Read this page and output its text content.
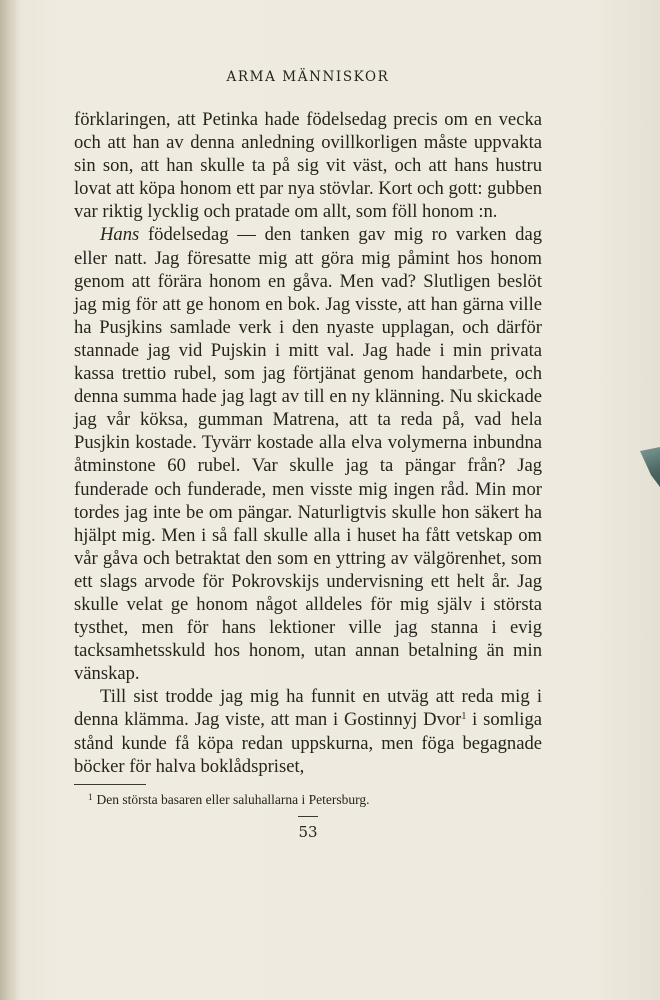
ARMA MÄNNISKOR

förklaringen, att Petinka hade födelsedag precis om en vecka och att han av denna anledning ovillkorligen måste uppvakta sin son, att han skulle ta på sig vit väst, och att hans hustru lovat att köpa honom ett par nya stövlar. Kort och gott: gubben var riktig lycklig och pratade om allt, som föll honom :n.

Hans födelsedag — den tanken gav mig ro varken dag eller natt. Jag föresatte mig att göra mig påmint hos honom genom att förära honom en gåva. Men vad? Slutligen beslöt jag mig för att ge honom en bok. Jag visste, att han gärna ville ha Pusjkins samlade verk i den nyaste upplagan, och därför stannade jag vid Pujskin i mitt val. Jag hade i min privata kassa trettio rubel, som jag förtjänat genom handarbete, och denna summa hade jag lagt av till en ny klänning. Nu skickade jag vår köksa, gumman Matrena, att ta reda på, vad hela Pusjkin kostade. Tyvärr kostade alla elva volymerna inbundna åtminstone 60 rubel. Var skulle jag ta pängar från? Jag funderade och funderade, men visste mig ingen råd. Min mor tordes jag inte be om pängar. Naturligtvis skulle hon säkert ha hjälpt mig. Men i så fall skulle alla i huset ha fått vetskap om vår gåva och betraktat den som en yttring av välgörenhet, som ett slags arvode för Pokrovskijs undervisning ett helt år. Jag skulle velat ge honom något alldeles för mig själv i största tysthet, men för hans lektioner ville jag stanna i evig tacksamhetsskuld hos honom, utan annan betalning än min vänskap.

Till sist trodde jag mig ha funnit en utväg att reda mig i denna klämma. Jag viste, att man i Gostinnyj Dvor$^1$ i somliga stånd kunde få köpa redan uppskurna, men föga begagnade böcker för halva boklådspriset,

$^1$ Den största basaren eller saluhallarna i Petersburg.

53
